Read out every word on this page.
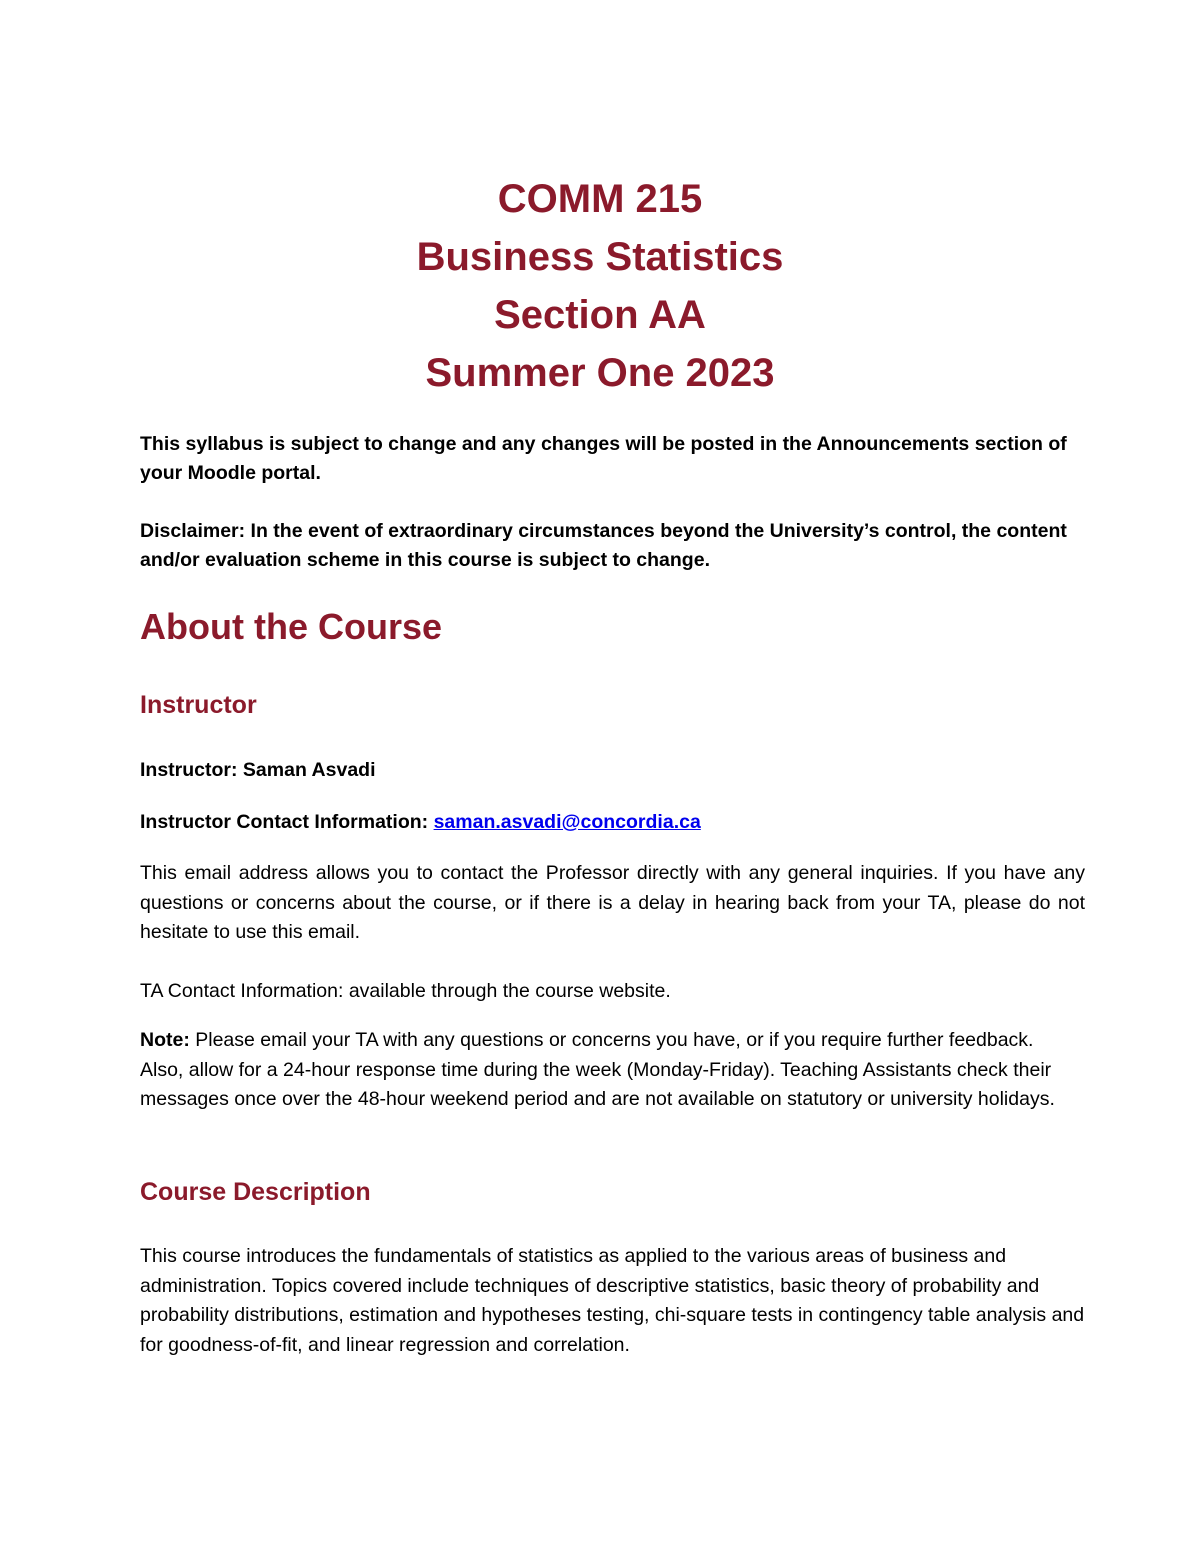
COMM 215
Business Statistics
Section AA
Summer One 2023

This syllabus is subject to change and any changes will be posted in the Announcements section of your Moodle portal.

Disclaimer: In the event of extraordinary circumstances beyond the University’s control, the content and/or evaluation scheme in this course is subject to change.

About the Course
Instructor

Instructor: Saman Asvadi

Instructor Contact Information: saman.asvadi@concordia.ca

This email address allows you to contact the Professor directly with any general inquiries. If you have any questions or concerns about the course, or if there is a delay in hearing back from your TA, please do not hesitate to use this email.

TA Contact Information: available through the course website.

Note: Please email your TA with any questions or concerns you have, or if you require further feedback. Also, allow for a 24-hour response time during the week (Monday-Friday). Teaching Assistants check their messages once over the 48-hour weekend period and are not available on statutory or university holidays.

Course Description

This course introduces the fundamentals of statistics as applied to the various areas of business and administration. Topics covered include techniques of descriptive statistics, basic theory of probability and probability distributions, estimation and hypotheses testing, chi-square tests in contingency table analysis and for goodness-of-fit, and linear regression and correlation.
